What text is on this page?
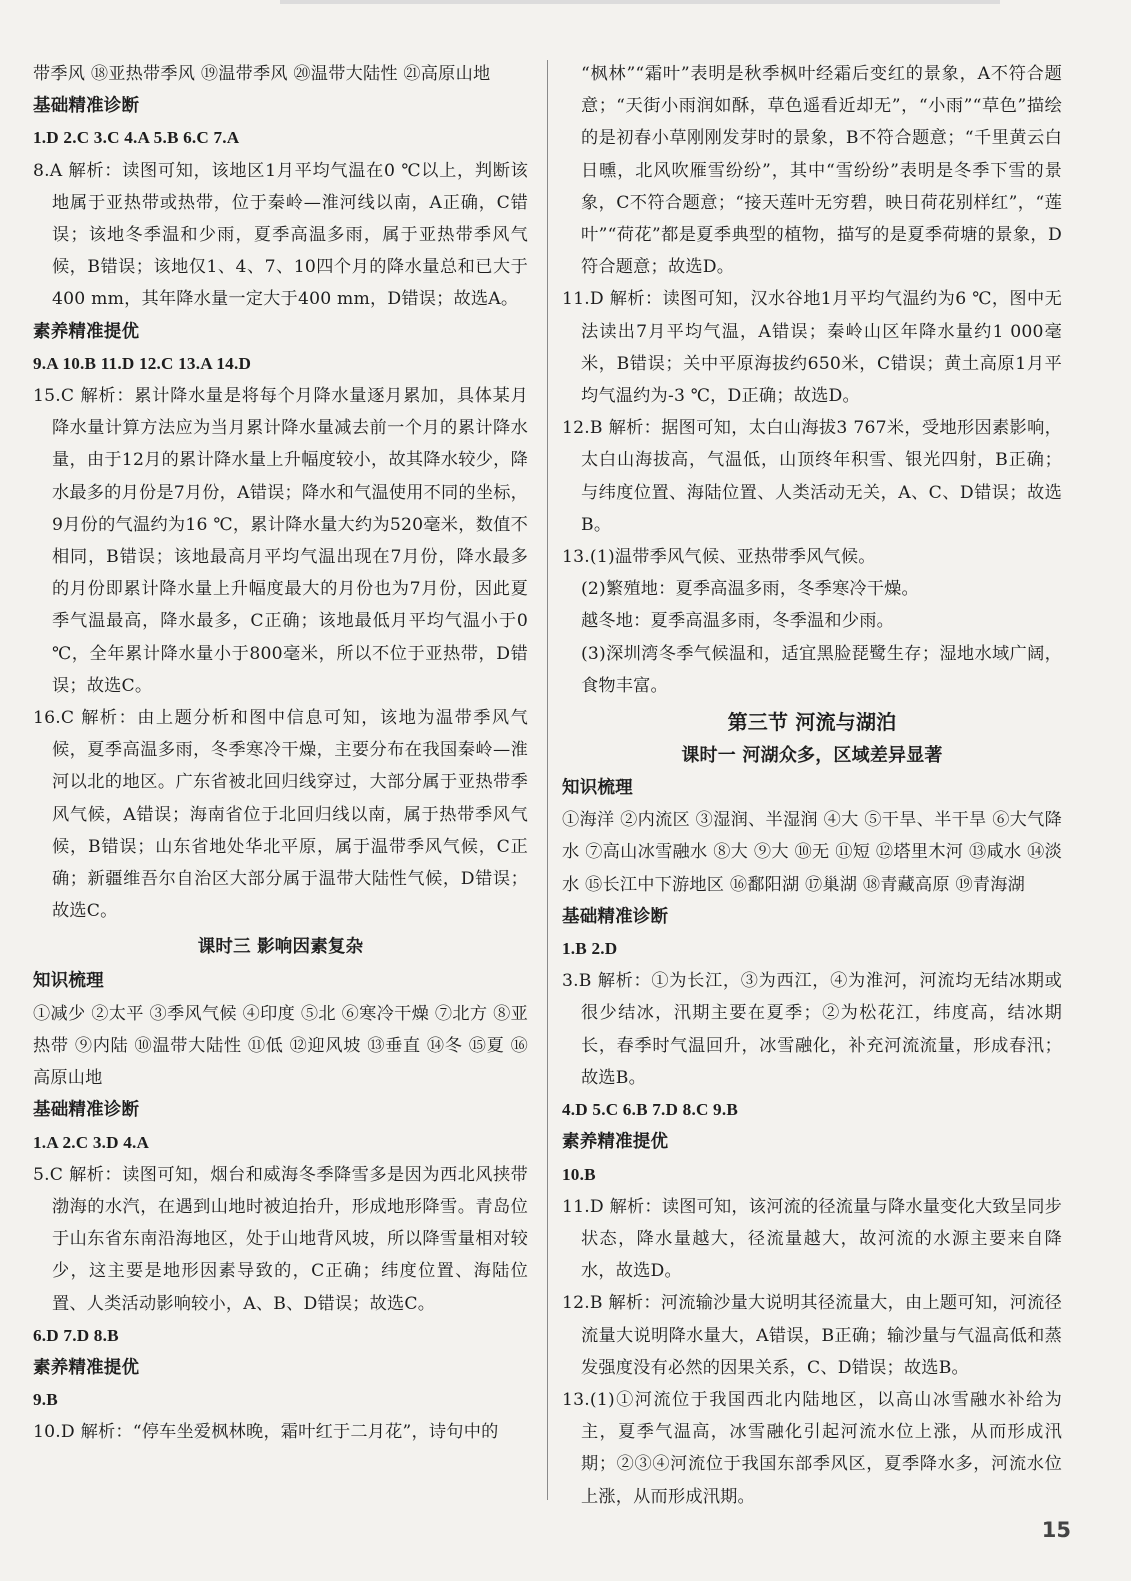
带季风 ⑱亚热带季风 ⑲温带季风 ⑳温带大陆性 ㉑高原山地
基础精准诊断
1.D 2.C 3.C 4.A 5.B 6.C 7.A
8.A 解析：读图可知，该地区1月平均气温在0 ℃以上，判断该地属于亚热带或热带，位于秦岭—淮河线以南，A正确，C错误；该地冬季温和少雨，夏季高温多雨，属于亚热带季风气候，B错误；该地仅1、4、7、10四个月的降水量总和已大于400 mm，其年降水量一定大于400 mm，D错误；故选A。
素养精准提优
9.A 10.B 11.D 12.C 13.A 14.D
15.C 解析：累计降水量是将每个月降水量逐月累加，具体某月降水量计算方法应为当月累计降水量减去前一个月的累计降水量，由于12月的累计降水量上升幅度较小，故其降水较少，降水最多的月份是7月份，A错误；降水和气温使用不同的坐标，9月份的气温约为16 ℃，累计降水量大约为520毫米，数值不相同，B错误；该地最高月平均气温出现在7月份，降水最多的月份即累计降水量上升幅度最大的月份也为7月份，因此夏季气温最高，降水最多，C正确；该地最低月平均气温小于0 ℃，全年累计降水量小于800毫米，所以不位于亚热带，D错误；故选C。
16.C 解析：由上题分析和图中信息可知，该地为温带季风气候，夏季高温多雨，冬季寒冷干燥，主要分布在我国秦岭—淮河以北的地区。广东省被北回归线穿过，大部分属于亚热带季风气候，A错误；海南省位于北回归线以南，属于热带季风气候，B错误；山东省地处华北平原，属于温带季风气候，C正确；新疆维吾尔自治区大部分属于温带大陆性气候，D错误；故选C。
课时三 影响因素复杂
知识梳理
①减少 ②太平 ③季风气候 ④印度 ⑤北 ⑥寒冷干燥 ⑦北方 ⑧亚热带 ⑨内陆 ⑩温带大陆性 ⑪低 ⑫迎风坡 ⑬垂直 ⑭冬 ⑮夏 ⑯高原山地
基础精准诊断
1.A 2.C 3.D 4.A
5.C 解析：读图可知，烟台和威海冬季降雪多是因为西北风挟带渤海的水汽，在遇到山地时被迫抬升，形成地形降雪。青岛位于山东省东南沿海地区，处于山地背风坡，所以降雪量相对较少，这主要是地形因素导致的，C正确；纬度位置、海陆位置、人类活动影响较小，A、B、D错误；故选C。
6.D 7.D 8.B
素养精准提优
9.B
10.D 解析：“停车坐爱枫林晚，霜叶红于二月花”，诗句中的
“枫林”“霜叶”表明是秋季枫叶经霜后变红的景象，A不符合题意；“天街小雨润如酥，草色遥看近却无”，“小雨”“草色”描绘的是初春小草刚刚发芽时的景象，B不符合题意；“千里黄云白日曛，北风吹雁雪纷纷”，其中“雪纷纷”表明是冬季下雪的景象，C不符合题意；“接天莲叶无穷碧，映日荷花别样红”，“莲叶”“荷花”都是夏季典型的植物，描写的是夏季荷塘的景象，D符合题意；故选D。
11.D 解析：读图可知，汉水谷地1月平均气温约为6 ℃，图中无法读出7月平均气温，A错误；秦岭山区年降水量约1 000毫米，B错误；关中平原海拔约650米，C错误；黄土高原1月平均气温约为-3 ℃，D正确；故选D。
12.B 解析：据图可知，太白山海拔3 767米，受地形因素影响，太白山海拔高，气温低，山顶终年积雪、银光四射，B正确；与纬度位置、海陆位置、人类活动无关，A、C、D错误；故选B。
13.(1)温带季风气候、亚热带季风气候。
(2)繁殖地：夏季高温多雨，冬季寒冷干燥。
越冬地：夏季高温多雨，冬季温和少雨。
(3)深圳湾冬季气候温和，适宜黑脸琵鹭生存；湿地水域广阔，食物丰富。
第三节 河流与湖泊
课时一 河湖众多，区域差异显著
知识梳理
①海洋 ②内流区 ③湿润、半湿润 ④大 ⑤干旱、半干旱 ⑥大气降水 ⑦高山冰雪融水 ⑧大 ⑨大 ⑩无 ⑪短 ⑫塔里木河 ⑬咸水 ⑭淡水 ⑮长江中下游地区 ⑯鄱阳湖 ⑰巢湖 ⑱青藏高原 ⑲青海湖
基础精准诊断
1.B 2.D
3.B 解析：①为长江，③为西江，④为淮河，河流均无结冰期或很少结冰，汛期主要在夏季；②为松花江，纬度高，结冰期长，春季时气温回升，冰雪融化，补充河流流量，形成春汛；故选B。
4.D 5.C 6.B 7.D 8.C 9.B
素养精准提优
10.B
11.D 解析：读图可知，该河流的径流量与降水量变化大致呈同步状态，降水量越大，径流量越大，故河流的水源主要来自降水，故选D。
12.B 解析：河流输沙量大说明其径流量大，由上题可知，河流径流量大说明降水量大，A错误，B正确；输沙量与气温高低和蒸发强度没有必然的因果关系，C、D错误；故选B。
13.(1)①河流位于我国西北内陆地区，以高山冰雪融水补给为主，夏季气温高，冰雪融化引起河流水位上涨，从而形成汛期；②③④河流位于我国东部季风区，夏季降水多，河流水位上涨，从而形成汛期。
15
